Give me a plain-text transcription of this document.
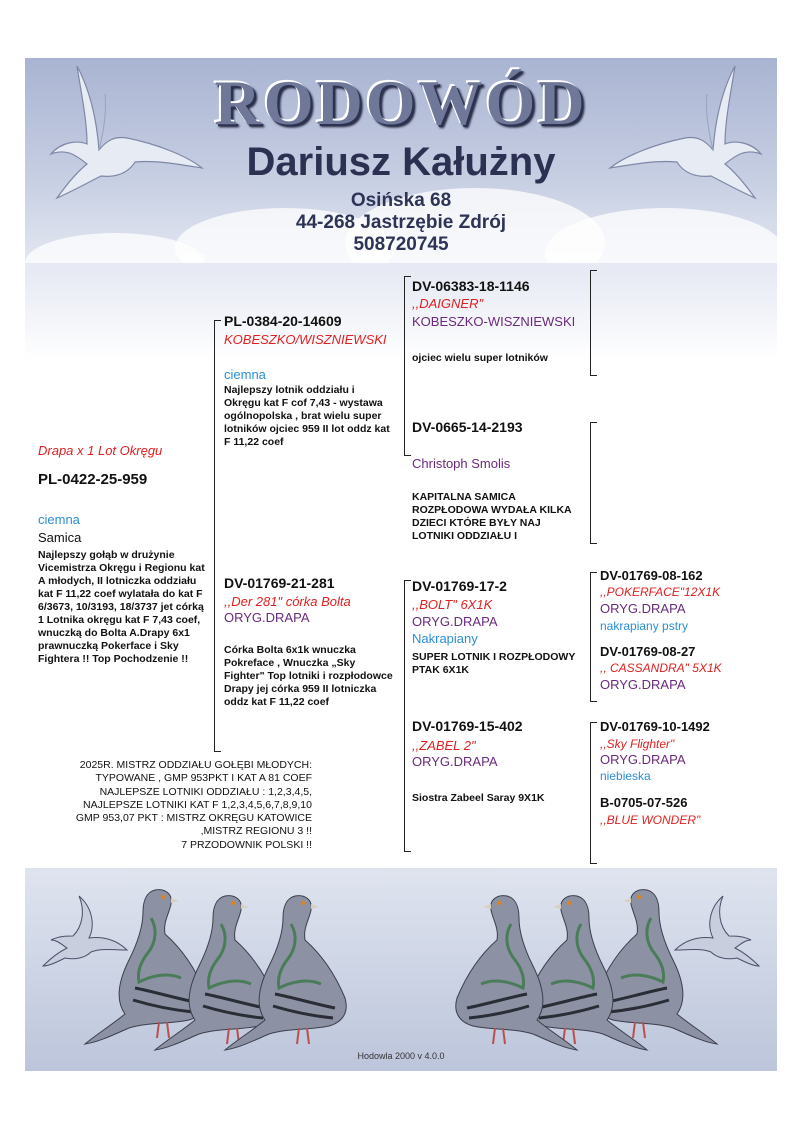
RODOWÓD
Dariusz Kałużny
Osińska 68
44-268 Jastrzębie Zdrój
508720745
Drapa x 1 Lot Okręgu
PL-0422-25-959
ciemna
Samica
Najlepszy gołąb w drużynie Vicemistrza Okręgu i Regionu kat A młodych, II lotniczka oddziału kat F 11,22 coef wylatała do kat F 6/3673, 10/3193, 18/3737 jet córką 1 Lotnika okręgu kat F 7,43 coef, wnuczką do Bolta A.Drapy 6x1 prawnuczką Pokerface i Sky Fightera !! Top Pochodzenie !!
PL-0384-20-14609
KOBESZKO/WISZNIEWSKI
ciemna
Najlepszy lotnik oddziału i Okręgu kat F cof 7,43 - wystawa ogólnopolska , brat wielu super lotników ojciec 959 II lot oddz kat F 11,22 coef
DV-01769-21-281
,,Der 281" córka Bolta
ORYG.DRAPA
Córka Bolta 6x1k wnuczka Pokreface , Wnuczka „Sky Fighter" Top lotniki i rozpłodowce Drapy jej córka 959 II lotniczka oddz kat F 11,22 coef
DV-06383-18-1146
,,DAIGNER"
KOBESZKO-WISZNIEWSKI
ojciec wielu super lotników
DV-0665-14-2193
Christoph Smolis
KAPITALNA SAMICA ROZPŁODOWA WYDAŁA KILKA DZIECI KTÓRE BYŁY NAJ LOTNIKI ODDZIAŁU I
DV-01769-17-2
,,BOLT" 6X1K
ORYG.DRAPA
Nakrapiany
SUPER LOTNIK I ROZPŁODOWY PTAK 6X1K
DV-01769-15-402
,,ZABEL 2"
ORYG.DRAPA
Siostra Zabeel Saray 9X1K
DV-01769-08-162
,,POKERFACE"12X1K
ORYG.DRAPA
nakrapiany pstry
DV-01769-08-27
,, CASSANDRA" 5X1K
ORYG.DRAPA
DV-01769-10-1492
,,Sky Flighter"
ORYG.DRAPA
niebieska
B-0705-07-526
,,BLUE WONDER"
2025R. MISTRZ ODDZIAŁU GOŁĘBI MŁODYCH:
TYPOWANE , GMP 953PKT I KAT A 81 COEF
NAJLEPSZE LOTNIKI ODDZIAŁU : 1,2,3,4,5,
NAJLEPSZE LOTNIKI KAT F 1,2,3,4,5,6,7,8,9,10
GMP 953,07 PKT : MISTRZ OKRĘGU KATOWICE
,MISTRZ REGIONU 3 !!
7 PRZODOWNIK POLSKI !!
Hodowla 2000 v 4.0.0
